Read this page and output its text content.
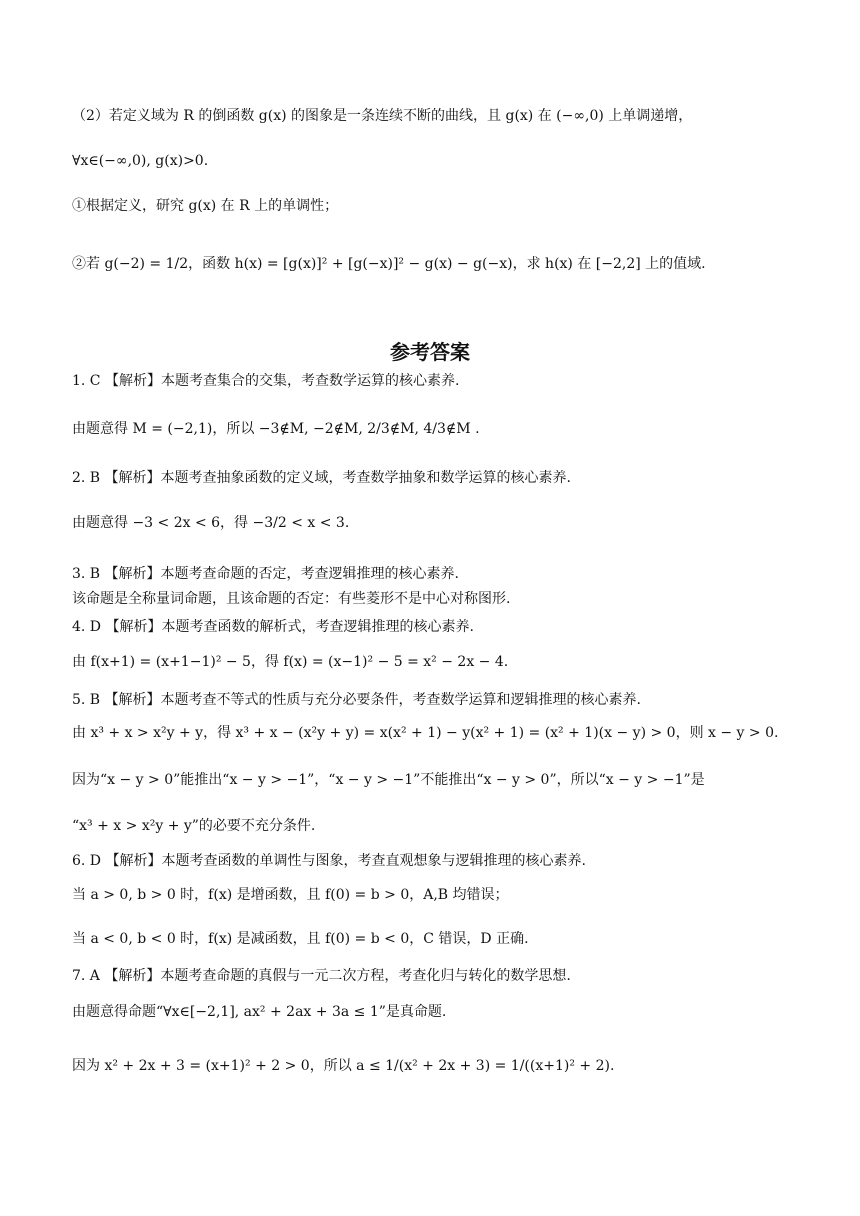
（2）若定义域为 R 的倒函数 g(x) 的图象是一条连续不断的曲线，且 g(x) 在 (−∞,0) 上单调递增，
∀x∈(−∞,0), g(x)>0.
①根据定义，研究 g(x) 在 R 上的单调性；
②若 g(−2) = 1/2，函数 h(x) = [g(x)]² + [g(−x)]² − g(x) − g(−x)，求 h(x) 在 [−2,2] 上的值域.
参考答案
1. C 【解析】本题考查集合的交集，考查数学运算的核心素养.
由题意得 M = (−2,1)，所以 −3∉M, −2∉M, 2/3∉M, 4/3∉M .
2. B 【解析】本题考查抽象函数的定义域，考查数学抽象和数学运算的核心素养.
由题意得 −3 < 2x < 6，得 −3/2 < x < 3.
3. B 【解析】本题考查命题的否定，考查逻辑推理的核心素养.
该命题是全称量词命题，且该命题的否定：有些菱形不是中心对称图形.
4. D 【解析】本题考查函数的解析式，考查逻辑推理的核心素养.
由 f(x+1) = (x+1−1)² − 5，得 f(x) = (x−1)² − 5 = x² − 2x − 4.
5. B 【解析】本题考查不等式的性质与充分必要条件，考查数学运算和逻辑推理的核心素养.
由 x³ + x > x²y + y，得 x³ + x − (x²y + y) = x(x² + 1) − y(x² + 1) = (x² + 1)(x − y) > 0，则 x − y > 0.
因为“x − y > 0”能推出“x − y > −1”，“x − y > −1”不能推出“x − y > 0”，所以“x − y > −1”是
“x³ + x > x²y + y”的必要不充分条件.
6. D 【解析】本题考查函数的单调性与图象，考查直观想象与逻辑推理的核心素养.
当 a > 0, b > 0 时，f(x) 是增函数，且 f(0) = b > 0，A,B 均错误；
当 a < 0, b < 0 时，f(x) 是减函数，且 f(0) = b < 0，C 错误，D 正确.
7. A 【解析】本题考查命题的真假与一元二次方程，考查化归与转化的数学思想.
由题意得命题“∀x∈[−2,1], ax² + 2ax + 3a ≤ 1”是真命题.
因为 x² + 2x + 3 = (x+1)² + 2 > 0，所以 a ≤ 1/(x² + 2x + 3) = 1/((x+1)² + 2).
